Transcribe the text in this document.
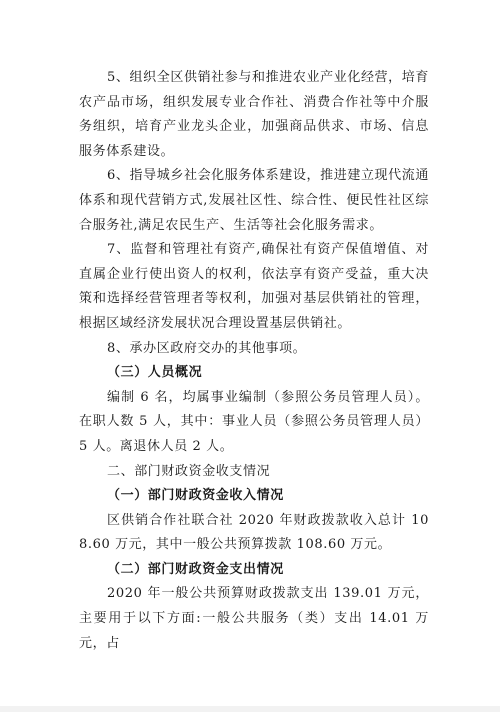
5、组织全区供销社参与和推进农业产业化经营，培育农产品市场，组织发展专业合作社、消费合作社等中介服务组织，培育产业龙头企业，加强商品供求、市场、信息服务体系建设。

6、指导城乡社会化服务体系建设，推进建立现代流通体系和现代营销方式,发展社区性、综合性、便民性社区综合服务社,满足农民生产、生活等社会化服务需求。

7、监督和管理社有资产,确保社有资产保值增值、对直属企业行使出资人的权利，依法享有资产受益，重大决策和选择经营管理者等权利，加强对基层供销社的管理，根据区域经济发展状况合理设置基层供销社。

8、承办区政府交办的其他事项。

（三）人员概况

编制 6 名，均属事业编制（参照公务员管理人员）。在职人数 5 人，其中：事业人员（参照公务员管理人员）5 人。离退休人员 2 人。

二、部门财政资金收支情况

（一）部门财政资金收入情况

区供销合作社联合社 2020 年财政拨款收入总计 108.60 万元，其中一般公共预算拨款 108.60 万元。

（二）部门财政资金支出情况

2020 年一般公共预算财政拨款支出 139.01 万元，主要用于以下方面:一般公共服务（类）支出 14.01 万元，占
